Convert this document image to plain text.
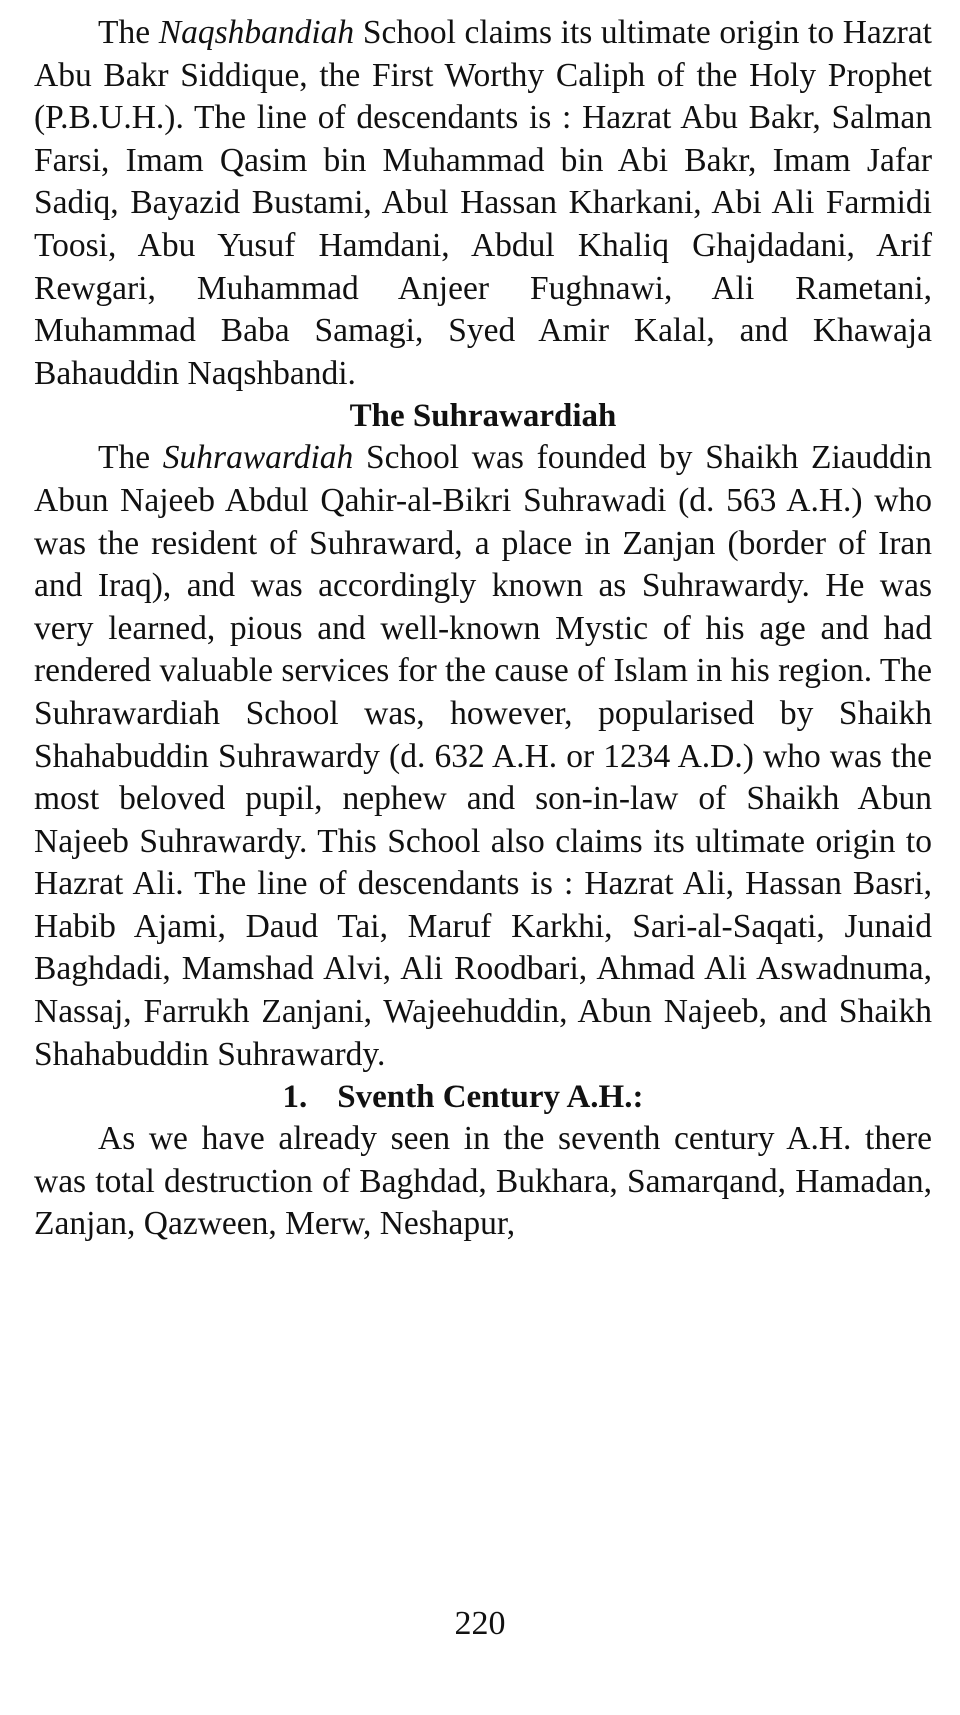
The Naqshbandiah School claims its ultimate origin to Hazrat Abu Bakr Siddique, the First Worthy Caliph of the Holy Prophet (P.B.U.H.). The line of descendants is : Hazrat Abu Bakr, Salman Farsi, Imam Qasim bin Muhammad bin Abi Bakr, Imam Jafar Sadiq, Bayazid Bustami, Abul Hassan Kharkani, Abi Ali Farmidi Toosi, Abu Yusuf Hamdani, Abdul Khaliq Ghajdadani, Arif Rewgari, Muhammad Anjeer Fughnawi, Ali Rametani, Muhammad Baba Samagi, Syed Amir Kalal, and Khawaja Bahauddin Naqshbandi.

The Suhrawardiah

The Suhrawardiah School was founded by Shaikh Ziauddin Abun Najeeb Abdul Qahir-al-Bikri Suhrawadi (d. 563 A.H.) who was the resident of Suhraward, a place in Zanjan (border of Iran and Iraq), and was accordingly known as Suhrawardy. He was very learned, pious and well-known Mystic of his age and had rendered valuable services for the cause of Islam in his region. The Suhrawardiah School was, however, popularised by Shaikh Shahabuddin Suhrawardy (d. 632 A.H. or 1234 A.D.) who was the most beloved pupil, nephew and son-in-law of Shaikh Abun Najeeb Suhrawardy. This School also claims its ultimate origin to Hazrat Ali. The line of descendants is : Hazrat Ali, Hassan Basri, Habib Ajami, Daud Tai, Maruf Karkhi, Sari-al-Saqati, Junaid Baghdadi, Mamshad Alvi, Ali Roodbari, Ahmad Ali Aswadnuma, Nassaj, Farrukh Zanjani, Wajeehuddin, Abun Najeeb, and Shaikh Shahabuddin Suhrawardy.

1. Sventh Century A.H.:

As we have already seen in the seventh century A.H. there was total destruction of Baghdad, Bukhara, Samarqand, Hamadan, Zanjan, Qazween, Merw, Neshapur,

220
